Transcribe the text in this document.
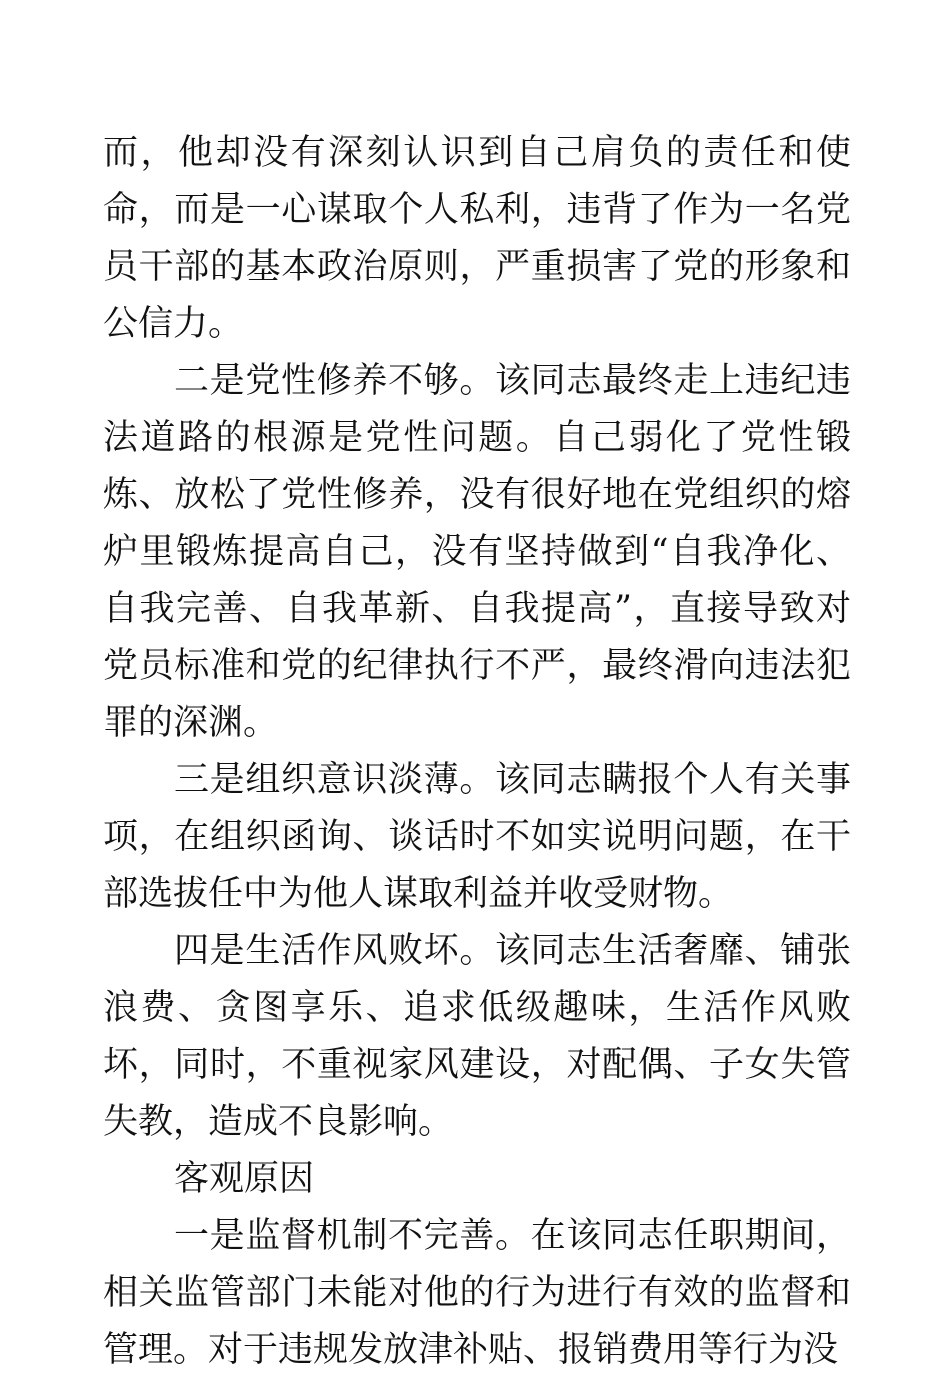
而，他却没有深刻认识到自己肩负的责任和使命，而是一心谋取个人私利，违背了作为一名党员干部的基本政治原则，严重损害了党的形象和公信力。

二是党性修养不够。该同志最终走上违纪违法道路的根源是党性问题。自己弱化了党性锻炼、放松了党性修养，没有很好地在党组织的熔炉里锻炼提高自己，没有坚持做到“自我净化、自我完善、自我革新、自我提高”，直接导致对党员标准和党的纪律执行不严，最终滑向违法犯罪的深渊。

三是组织意识淡薄。该同志瞒报个人有关事项，在组织函询、谈话时不如实说明问题，在干部选拔任中为他人谋取利益并收受财物。

四是生活作风败坏。该同志生活奢靡、铺张浪费、贪图享乐、追求低级趣味，生活作风败坏，同时，不重视家风建设，对配偶、子女失管失教，造成不良影响。

客观原因

一是监督机制不完善。在该同志任职期间，相关监管部门未能对他的行为进行有效的监督和管理。对于违规发放津补贴、报销费用等行为没
